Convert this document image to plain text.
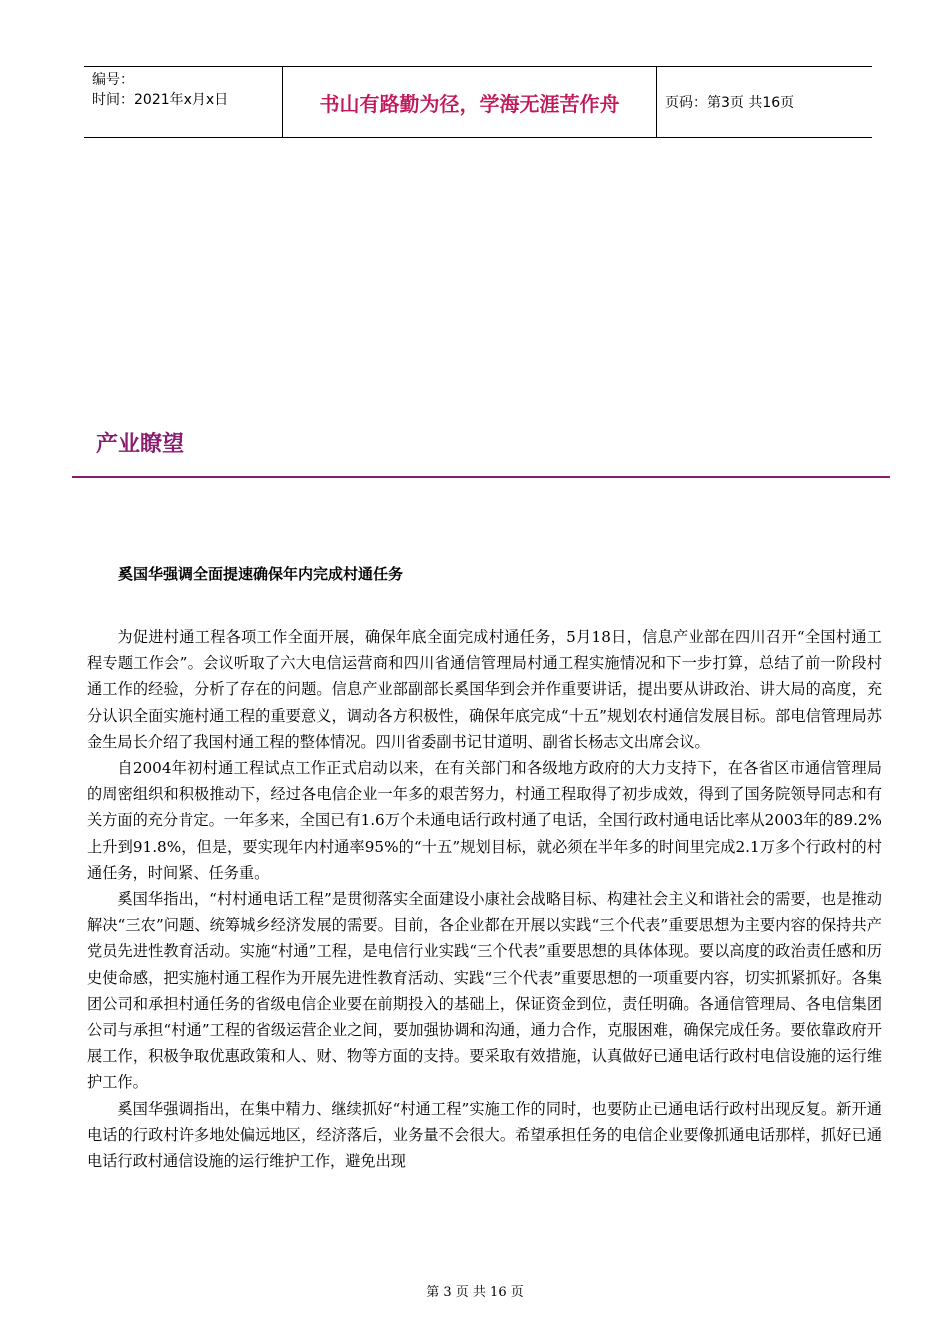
编号：
时间：2021年x月x日	书山有路勤为径，学海无涯苦作舟	页码：第3页 共16页
产业瞭望
奚国华强调全面提速确保年内完成村通任务

为促进村通工程各项工作全面开展，确保年底全面完成村通任务，5月18日，信息产业部在四川召开“全国村通工程专题工作会”。会议听取了六大电信运营商和四川省通信管理局村通工程实施情况和下一步打算，总结了前一阶段村通工作的经验，分析了存在的问题。信息产业部副部长奚国华到会并作重要讲话，提出要从讲政治、讲大局的高度，充分认识全面实施村通工程的重要意义，调动各方积极性，确保年底完成“十五”规划农村通信发展目标。部电信管理局苏金生局长介绍了我国村通工程的整体情况。四川省委副书记甘道明、副省长杨志文出席会议。

自2004年初村通工程试点工作正式启动以来，在有关部门和各级地方政府的大力支持下，在各省区市通信管理局的周密组织和积极推动下，经过各电信企业一年多的艰苦努力，村通工程取得了初步成效，得到了国务院领导同志和有关方面的充分肯定。一年多来，全国已有1.6万个未通电话行政村通了电话，全国行政村通电话比率从2003年的89.2%上升到91.8%，但是，要实现年内村通率95%的“十五”规划目标，就必须在半年多的时间里完成2.1万多个行政村的村通任务，时间紧、任务重。

奚国华指出，“村村通电话工程”是贯彻落实全面建设小康社会战略目标、构建社会主义和谐社会的需要，也是推动解决“三农”问题、统筹城乡经济发展的需要。目前，各企业都在开展以实践“三个代表”重要思想为主要内容的保持共产党员先进性教育活动。实施“村通”工程，是电信行业实践“三个代表”重要思想的具体体现。要以高度的政治责任感和历史使命感，把实施村通工程作为开展先进性教育活动、实践“三个代表”重要思想的一项重要内容，切实抓紧抓好。各集团公司和承担村通任务的省级电信企业要在前期投入的基础上，保证资金到位，责任明确。各通信管理局、各电信集团公司与承担“村通”工程的省级运营企业之间，要加强协调和沟通，通力合作，克服困难，确保完成任务。要依靠政府开展工作，积极争取优惠政策和人、财、物等方面的支持。要采取有效措施，认真做好已通电话行政村电信设施的运行维护工作。

奚国华强调指出，在集中精力、继续抓好“村通工程”实施工作的同时，也要防止已通电话行政村出现反复。新开通电话的行政村许多地处偏远地区，经济落后，业务量不会很大。希望承担任务的电信企业要像抓通电话那样，抓好已通电话行政村通信设施的运行维护工作，避免出现

第 3 页 共 16 页
